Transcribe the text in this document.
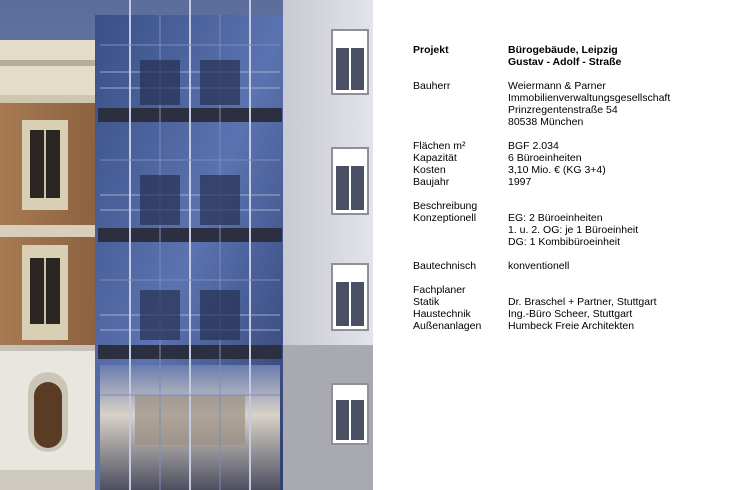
Projekt	Bürogebäude, Leipzig
Gustav - Adolf - Straße
Bauherr	Weiermann & Parner
Immobilienverwaltungsgesellschaft
Prinzregentenstraße 54
80538 München
Flächen m²	BGF 2.034
Kapazität	6 Büroeinheiten
Kosten	3,10 Mio. € (KG 3+4)
Baujahr	1997
Beschreibung
Konzeptionell	EG: 2 Büroeinheiten
1. u. 2. OG: je 1 Büroeinheit
DG: 1 Kombibüroeinheit
Bautechnisch	konventionell
Fachplaner
Statik	Dr. Braschel + Partner, Stuttgart
Haustechnik	Ing.-Büro Scheer, Stuttgart
Außenanlagen	Humbeck Freie Architekten
